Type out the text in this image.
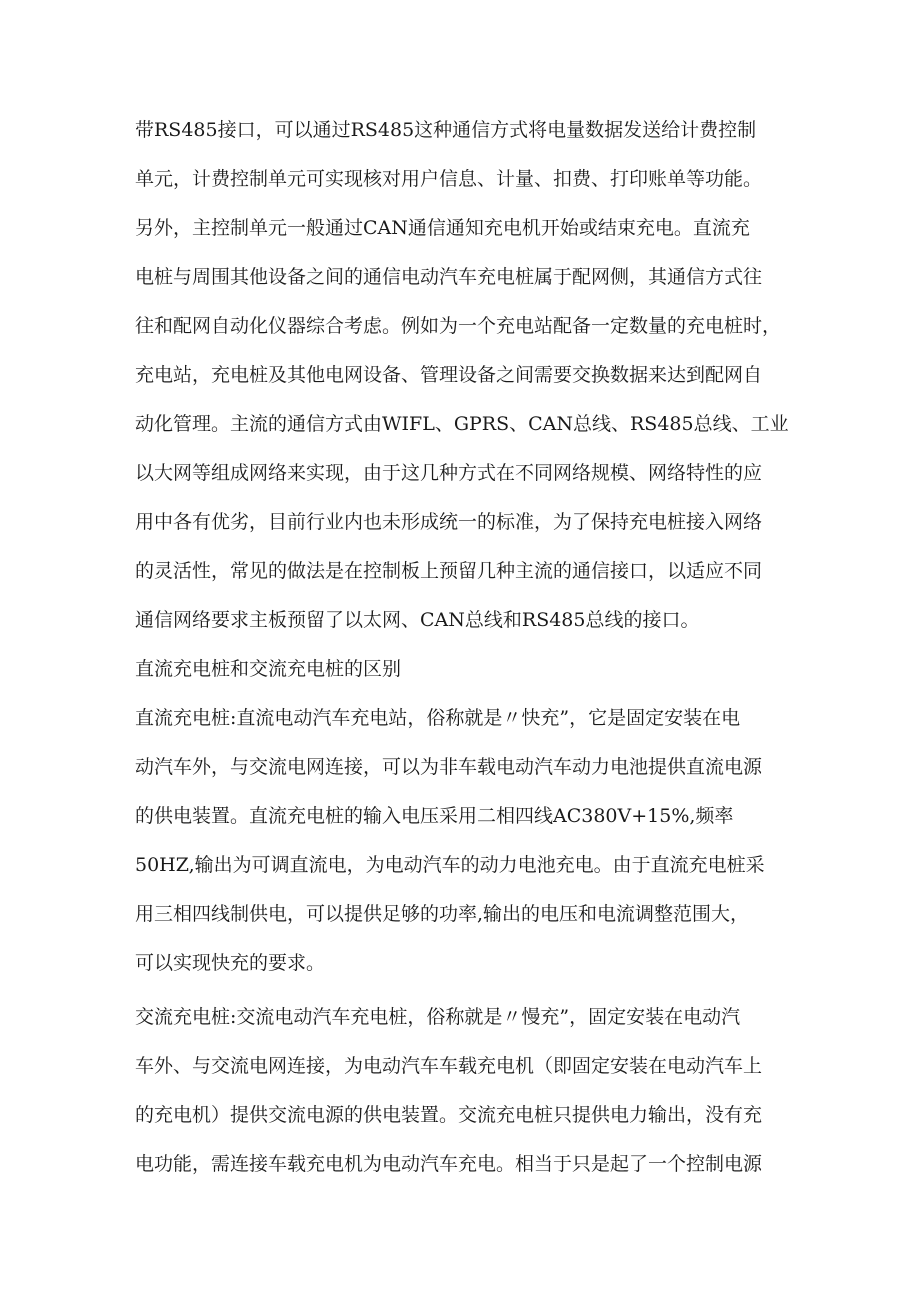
带RS485接口，可以通过RS485这种通信方式将电量数据发送给计费控制

单元，计费控制单元可实现核对用户信息、计量、扣费、打印账单等功能。

另外，主控制单元一般通过CAN通信通知充电机开始或结束充电。直流充

电桩与周围其他设备之间的通信电动汽车充电桩属于配网侧，其通信方式往

往和配网自动化仪器综合考虑。例如为一个充电站配备一定数量的充电桩时，

充电站，充电桩及其他电网设备、管理设备之间需要交换数据来达到配网自

动化管理。主流的通信方式由WIFL、GPRS、CAN总线、RS485总线、工业

以大网等组成网络来实现，由于这几种方式在不同网络规模、网络特性的应

用中各有优劣，目前行业内也未形成统一的标准，为了保持充电桩接入网络

的灵活性，常见的做法是在控制板上预留几种主流的通信接口，以适应不同

通信网络要求主板预留了以太网、CAN总线和RS485总线的接口。

直流充电桩和交流充电桩的区别

直流充电桩:直流电动汽车充电站，俗称就是〃快充”，它是固定安装在电

动汽车外，与交流电网连接，可以为非车载电动汽车动力电池提供直流电源

的供电装置。直流充电桩的输入电压采用二相四线AC380V+15%,频率

50HZ,输出为可调直流电，为电动汽车的动力电池充电。由于直流充电桩采

用三相四线制供电，可以提供足够的功率,输出的电压和电流调整范围大，

可以实现快充的要求。

交流充电桩:交流电动汽车充电桩，俗称就是〃慢充”，固定安装在电动汽

车外、与交流电网连接，为电动汽车车载充电机（即固定安装在电动汽车上

的充电机）提供交流电源的供电装置。交流充电桩只提供电力输出，没有充

电功能，需连接车载充电机为电动汽车充电。相当于只是起了一个控制电源
